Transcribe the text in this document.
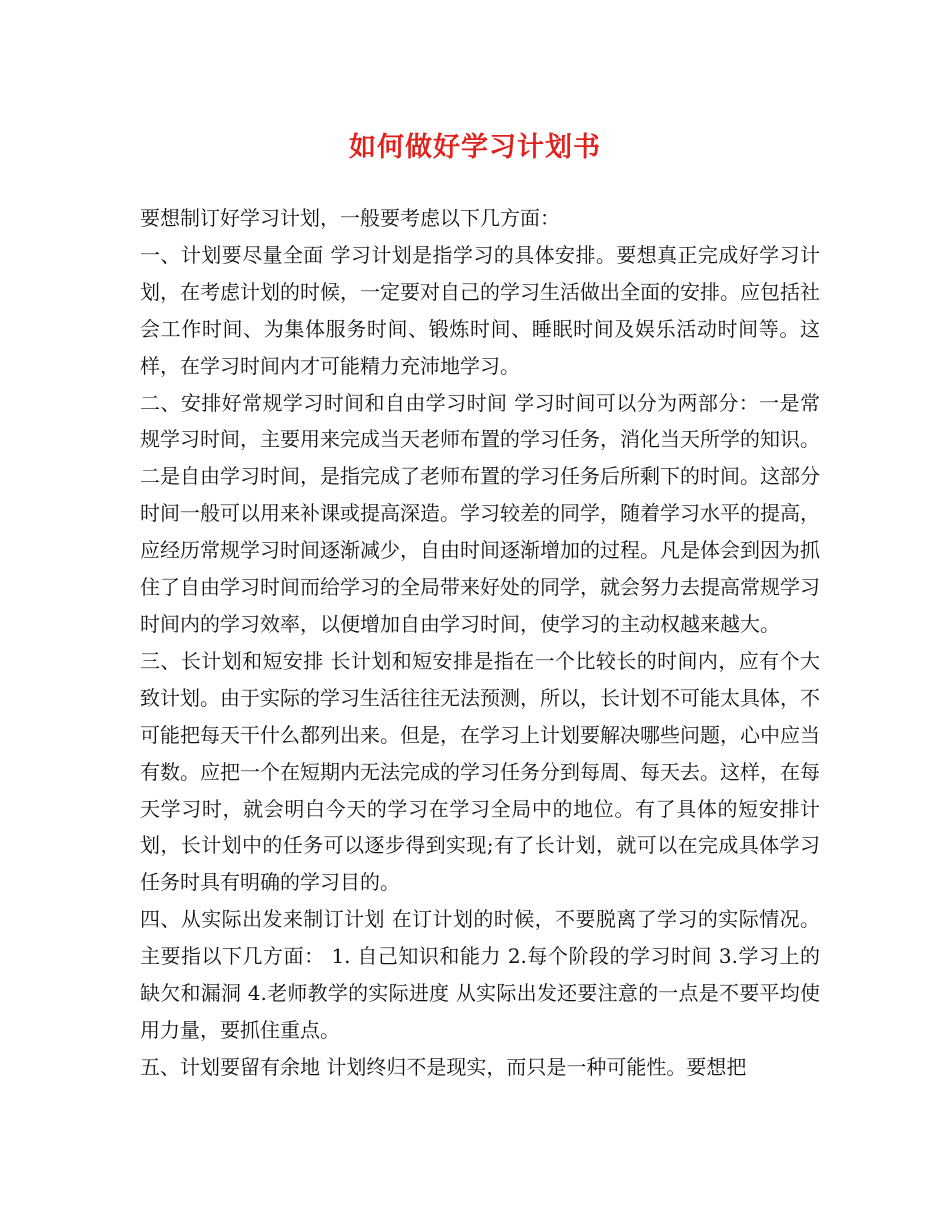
如何做好学习计划书

要想制订好学习计划，一般要考虑以下几方面：

一、计划要尽量全面 学习计划是指学习的具体安排。要想真正完成好学习计划，在考虑计划的时候，一定要对自己的学习生活做出全面的安排。应包括社会工作时间、为集体服务时间、锻炼时间、睡眠时间及娱乐活动时间等。这样，在学习时间内才可能精力充沛地学习。

二、安排好常规学习时间和自由学习时间 学习时间可以分为两部分：一是常规学习时间，主要用来完成当天老师布置的学习任务，消化当天所学的知识。二是自由学习时间，是指完成了老师布置的学习任务后所剩下的时间。这部分时间一般可以用来补课或提高深造。学习较差的同学，随着学习水平的提高，应经历常规学习时间逐渐减少，自由时间逐渐增加的过程。凡是体会到因为抓住了自由学习时间而给学习的全局带来好处的同学，就会努力去提高常规学习时间内的学习效率，以便增加自由学习时间，使学习的主动权越来越大。

三、长计划和短安排 长计划和短安排是指在一个比较长的时间内，应有个大致计划。由于实际的学习生活往往无法预测，所以，长计划不可能太具体，不可能把每天干什么都列出来。但是，在学习上计划要解决哪些问题，心中应当有数。应把一个在短期内无法完成的学习任务分到每周、每天去。这样，在每天学习时，就会明白今天的学习在学习全局中的地位。有了具体的短安排计划，长计划中的任务可以逐步得到实现;有了长计划，就可以在完成具体学习任务时具有明确的学习目的。

四、从实际出发来制订计划 在订计划的时候，不要脱离了学习的实际情况。主要指以下几方面： 1. 自己知识和能力 2.每个阶段的学习时间 3.学习上的缺欠和漏洞 4.老师教学的实际进度 从实际出发还要注意的一点是不要平均使用力量，要抓住重点。

五、计划要留有余地 计划终归不是现实，而只是一种可能性。要想把
